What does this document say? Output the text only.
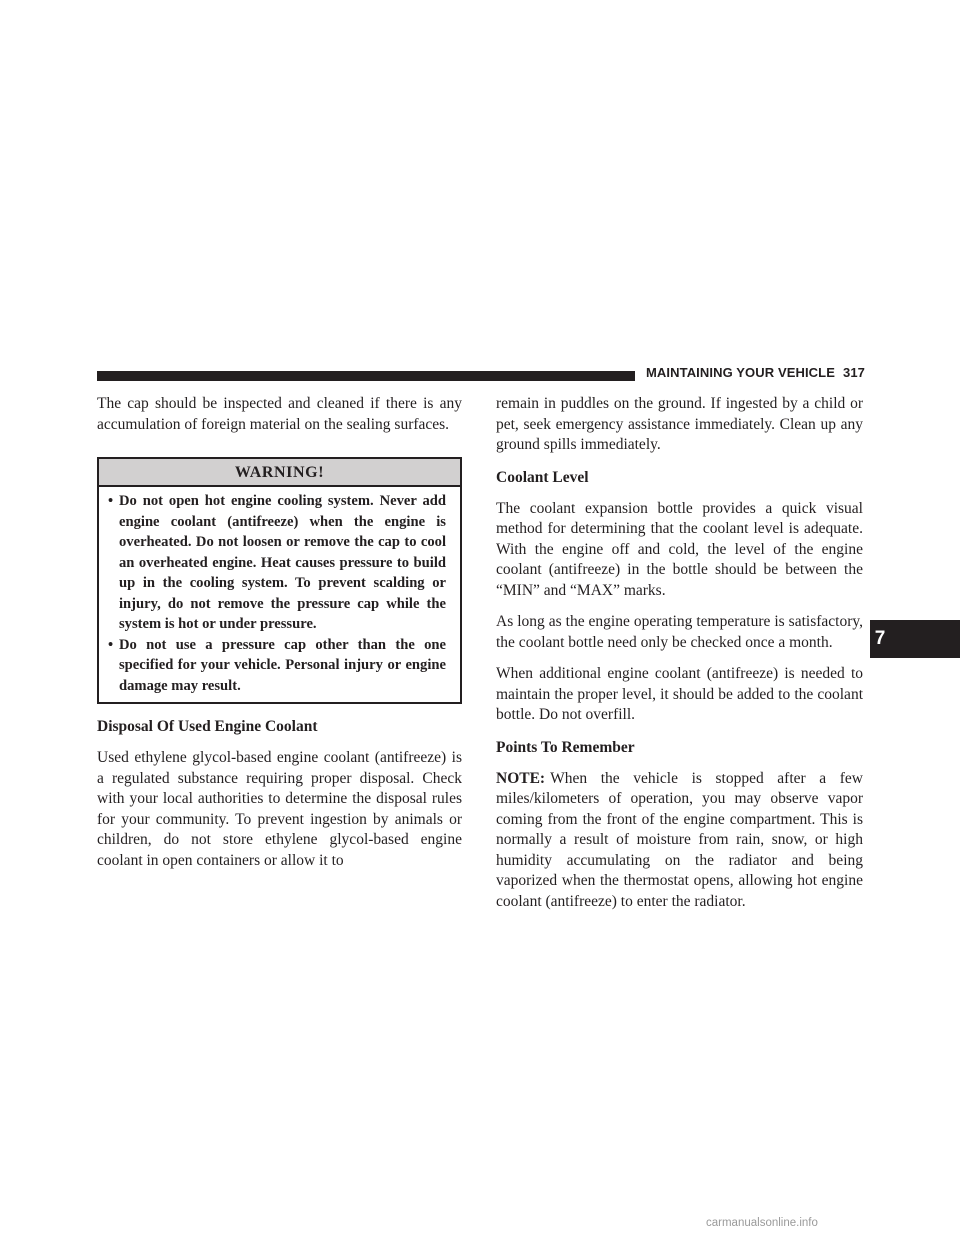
MAINTAINING YOUR VEHICLE 317
7

The cap should be inspected and cleaned if there is any accumulation of foreign material on the sealing surfaces.

WARNING!
• Do not open hot engine cooling system. Never add engine coolant (antifreeze) when the engine is overheated. Do not loosen or remove the cap to cool an overheated engine. Heat causes pressure to build up in the cooling system. To prevent scalding or injury, do not remove the pressure cap while the system is hot or under pressure.
• Do not use a pressure cap other than the one specified for your vehicle. Personal injury or engine damage may result.
Disposal Of Used Engine Coolant

Used ethylene glycol-based engine coolant (antifreeze) is a regulated substance requiring proper disposal. Check with your local authorities to determine the disposal rules for your community. To prevent ingestion by animals or children, do not store ethylene glycol-based engine coolant in open containers or allow it to

remain in puddles on the ground. If ingested by a child or pet, seek emergency assistance immediately. Clean up any ground spills immediately.

Coolant Level

The coolant expansion bottle provides a quick visual method for determining that the coolant level is adequate. With the engine off and cold, the level of the engine coolant (antifreeze) in the bottle should be between the “MIN” and “MAX” marks.

As long as the engine operating temperature is satisfactory, the coolant bottle need only be checked once a month.

When additional engine coolant (antifreeze) is needed to maintain the proper level, it should be added to the coolant bottle. Do not overfill.

Points To Remember

NOTE: When the vehicle is stopped after a few miles/kilometers of operation, you may observe vapor coming from the front of the engine compartment. This is normally a result of moisture from rain, snow, or high humidity accumulating on the radiator and being vaporized when the thermostat opens, allowing hot engine coolant (antifreeze) to enter the radiator.

carmanualsonline.info
